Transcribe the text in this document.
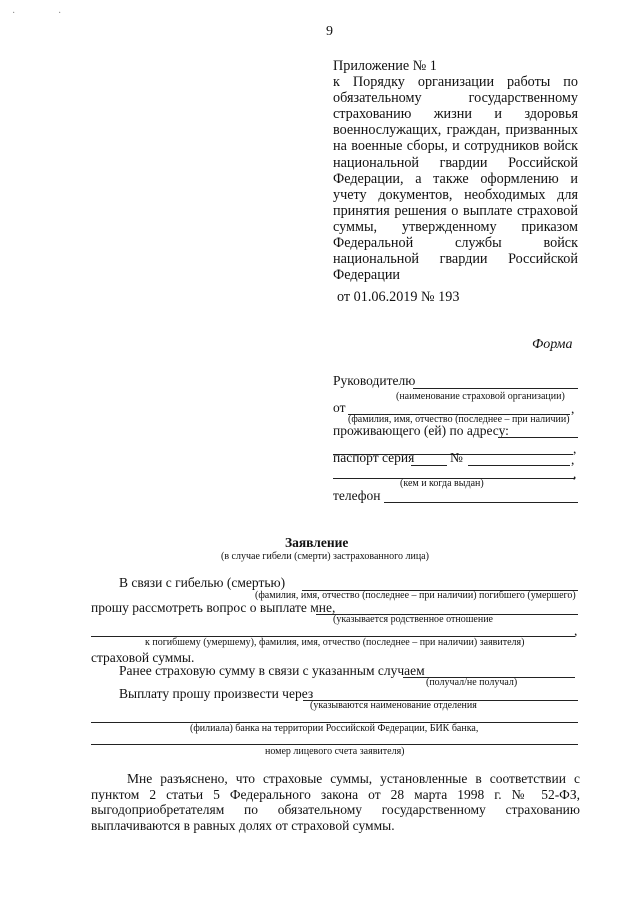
·	·
9
Приложение № 1
к Порядку организации работы по обязательному государственному страхованию жизни и здоровья военнослужащих, граждан, призванных на военные сборы, и сотрудников войск национальной гвардии Российской Федерации, а также оформлению и учету документов, необходимых для принятия решения о выплате страховой суммы, утвержденному приказом Федеральной службы войск национальной гвардии Российской Федерации
от 01.06.2019 № 193
Форма
Руководителю
(наименование страховой организации)
от	,
(фамилия, имя, отчество (последнее – при наличии)
проживающего (ей) по адресу:
,
паспорт серия	№	,
,
(кем и когда выдан)
телефон
Заявление
(в случае гибели (смерти) застрахованного лица)
В связи с гибелью (смертью)
(фамилия, имя, отчество (последнее – при наличии) погибшего (умершего)
прошу рассмотреть вопрос о выплате мне,
(указывается родственное отношение
,
к погибшему (умершему), фамилия, имя, отчество (последнее – при наличии) заявителя)
страховой суммы.
Ранее страховую сумму в связи с указанным случаем
(получал/не получал)
Выплату прошу произвести через
(указываются наименование отделения
(филиала) банка на территории Российской Федерации, БИК банка,
номер лицевого счета заявителя)
Мне разъяснено, что страховые суммы, установленные в соответствии с пунктом 2 статьи 5 Федерального закона от 28 марта 1998 г. № 52-ФЗ, выгодоприобретателям по обязательному государственному страхованию выплачиваются в равных долях от страховой суммы.
